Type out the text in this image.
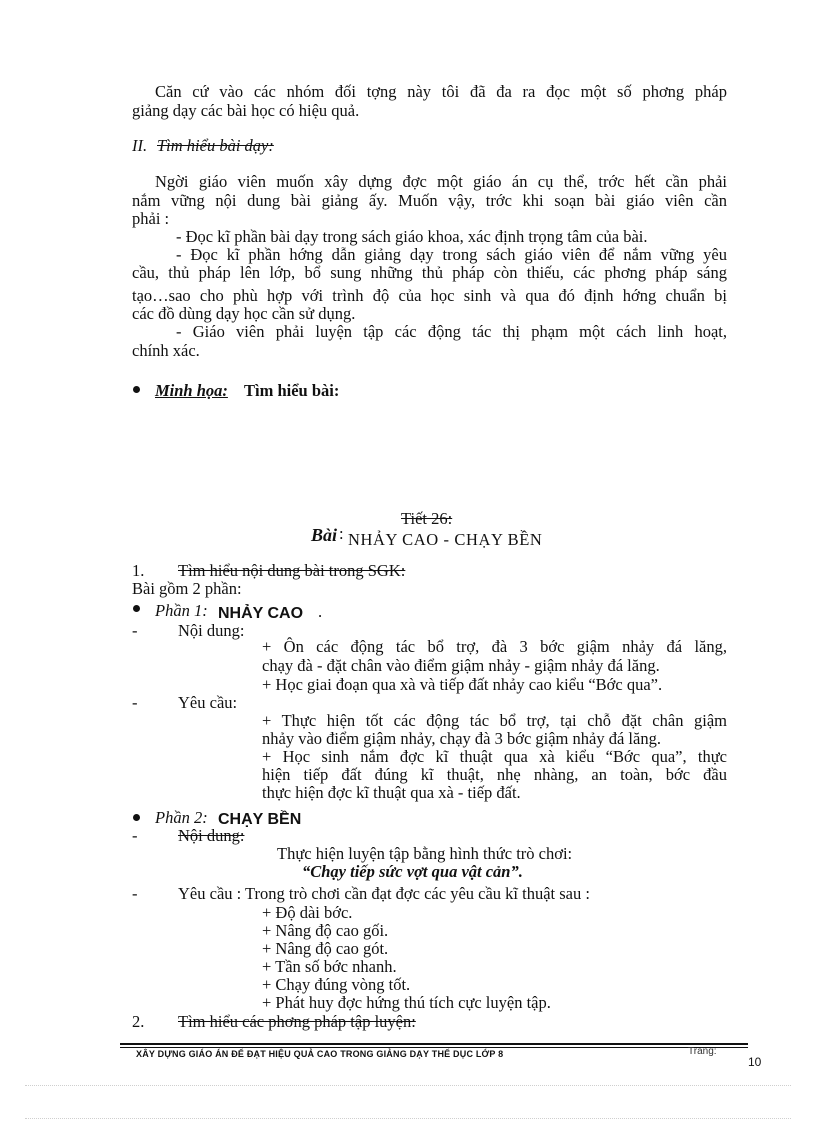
Căn cứ vào các nhóm đối tợng này tôi đã đa ra đọc một số phơng pháp
giảng dạy các bài học có hiệu quả.
II. Tìm hiểu bài dạy:
Ngời giáo viên muốn xây dựng đợc một giáo án cụ thể, trớc hết cần phải
nắm vững nội dung bài giảng ấy. Muốn vậy, trớc khi soạn bài giáo viên cần
phải :
- Đọc kĩ phần bài dạy trong sách giáo khoa, xác định trọng tâm của bài.
- Đọc kĩ phần hớng dẫn giảng dạy trong sách giáo viên để nắm vững yêu
cầu, thủ pháp lên lớp, bổ sung những thủ pháp còn thiếu, các phơng pháp sáng
tạo…sao cho phù hợp với trình độ của học sinh và qua đó định hớng chuẩn bị
các đồ dùng dạy học cần sử dụng.
- Giáo viên phải luyện tập các động tác thị phạm một cách linh hoạt,
chính xác.
Minh họa: Tìm hiểu bài:
Tiết 26:
Bài : NHẢY CAO - CHẠY BỀN
1. Tìm hiểu nội dung bài trong SGK:
Bài gồm 2 phần:
Phần 1: NHẢY CAO .
- Nội dung:
+ Ôn các động tác bổ trợ, đà 3 bớc giậm nhảy đá lăng,
chạy đà - đặt chân vào điểm giậm nhảy - giậm nhảy đá lăng.
+ Học giai đoạn qua xà và tiếp đất nhảy cao kiểu “Bớc qua”.
- Yêu cầu:
+ Thực hiện tốt các động tác bổ trợ, tại chỗ đặt chân giậm
nhảy vào điểm giậm nhảy, chạy đà 3 bớc giậm nhảy đá lăng.
+ Học sinh nắm đợc kĩ thuật qua xà kiểu “Bớc qua”, thực
hiện tiếp đất đúng kĩ thuật, nhẹ nhàng, an toàn, bớc đầu
thực hiện đợc kĩ thuật qua xà - tiếp đất.
Phần 2: CHẠY BỀN
- Nội dung:
Thực hiện luyện tập bằng hình thức trò chơi:
“Chạy tiếp sức vợt qua vật cản”.
- Yêu cầu : Trong trò chơi cần đạt đợc các yêu cầu kĩ thuật sau :
+ Độ dài bớc.
+ Nâng độ cao gối.
+ Nâng độ cao gót.
+ Tần số bớc nhanh.
+ Chạy đúng vòng tốt.
+ Phát huy đợc hứng thú tích cực luyện tập.
2. Tìm hiểu các phơng pháp tập luyện:
XÂY DỰNG GIÁO ÁN ĐỂ ĐẠT HIỆU QUẢ CAO TRONG GIẢNG DẠY THỂ DỤC LỚP 8	Trang:
10
